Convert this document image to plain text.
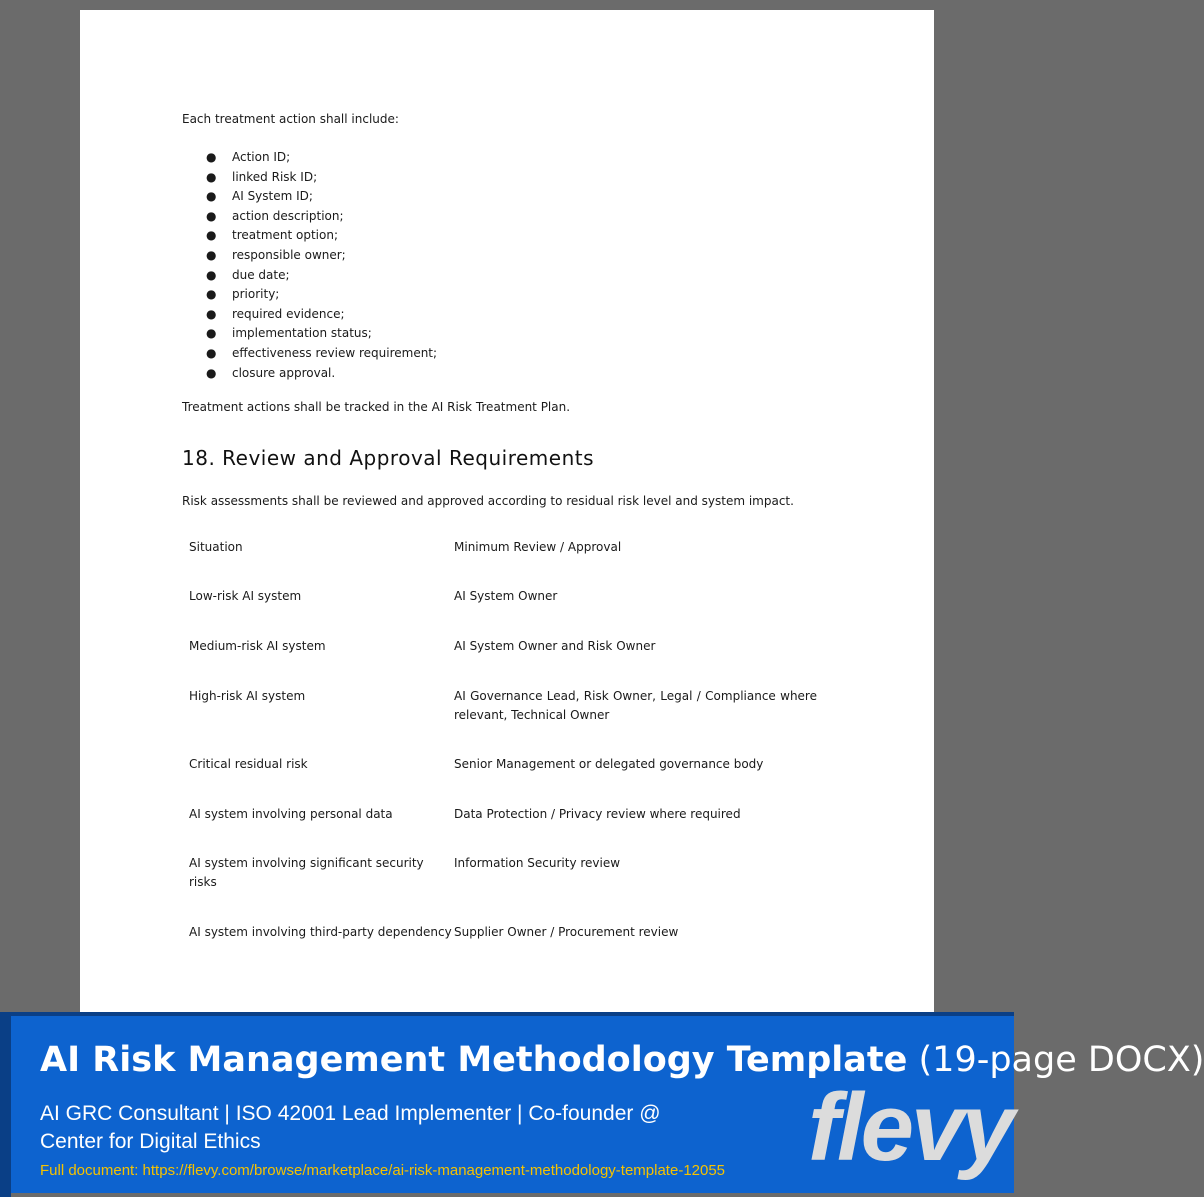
Each treatment action shall include:
● Action ID;
● linked Risk ID;
● AI System ID;
● action description;
● treatment option;
● responsible owner;
● due date;
● priority;
● required evidence;
● implementation status;
● effectiveness review requirement;
● closure approval.
Treatment actions shall be tracked in the AI Risk Treatment Plan.
18. Review and Approval Requirements
Risk assessments shall be reviewed and approved according to residual risk level and system impact.
Situation	Minimum Review / Approval
Low-risk AI system	AI System Owner
Medium-risk AI system	AI System Owner and Risk Owner
High-risk AI system	AI Governance Lead, Risk Owner, Legal / Compliance where relevant, Technical Owner
Critical residual risk	Senior Management or delegated governance body
AI system involving personal data	Data Protection / Privacy review where required
AI system involving significant security risks	Information Security review
AI system involving third-party dependency	Supplier Owner / Procurement review
AI Risk Management Methodology Template (19-page DOCX)
AI GRC Consultant | ISO 42001 Lead Implementer | Co-founder @ Center for Digital Ethics
Full document: https://flevy.com/browse/marketplace/ai-risk-management-methodology-template-12055 flevy
